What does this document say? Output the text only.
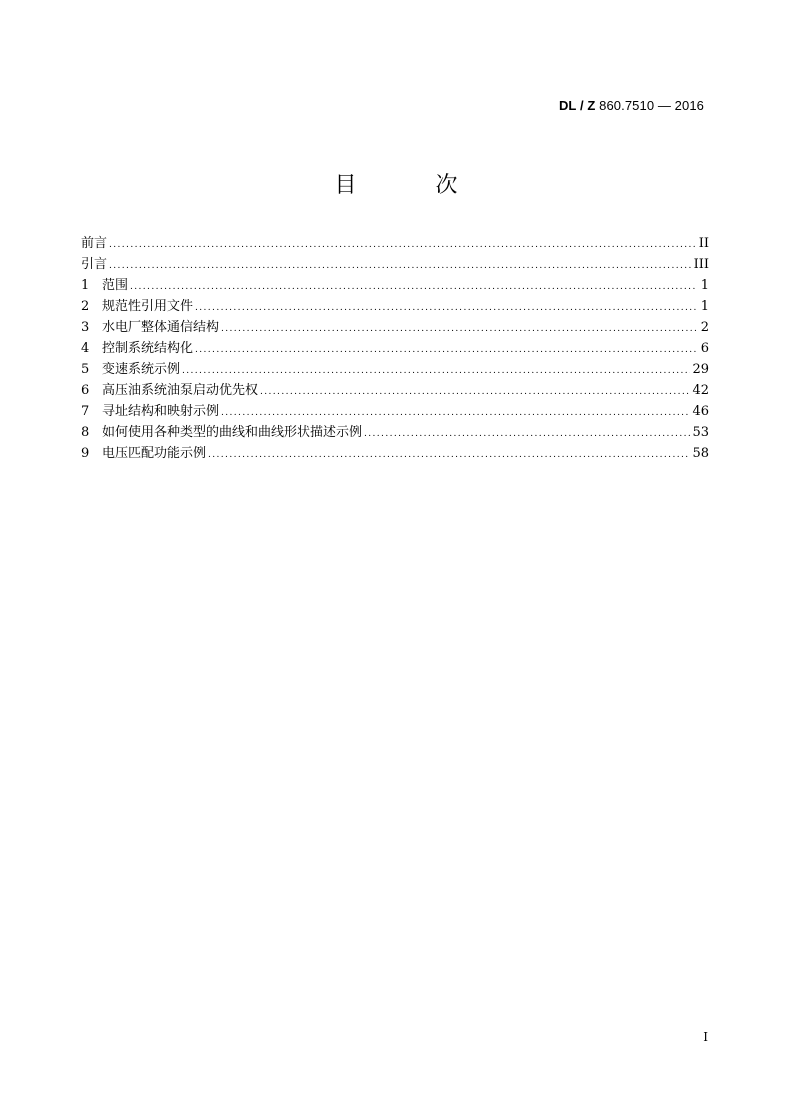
DL / Z 860.7510 — 2016
目 次
前言 .....	II
引言 .....	III
1 范围 .....	1
2 规范性引用文件 .....	1
3 水电厂整体通信结构 .....	2
4 控制系统结构化 .....	6
5 变速系统示例 .....	29
6 高压油系统油泵启动优先权 .....	42
7 寻址结构和映射示例 .....	46
8 如何使用各种类型的曲线和曲线形状描述示例 .....	53
9 电压匹配功能示例 .....	58
I
